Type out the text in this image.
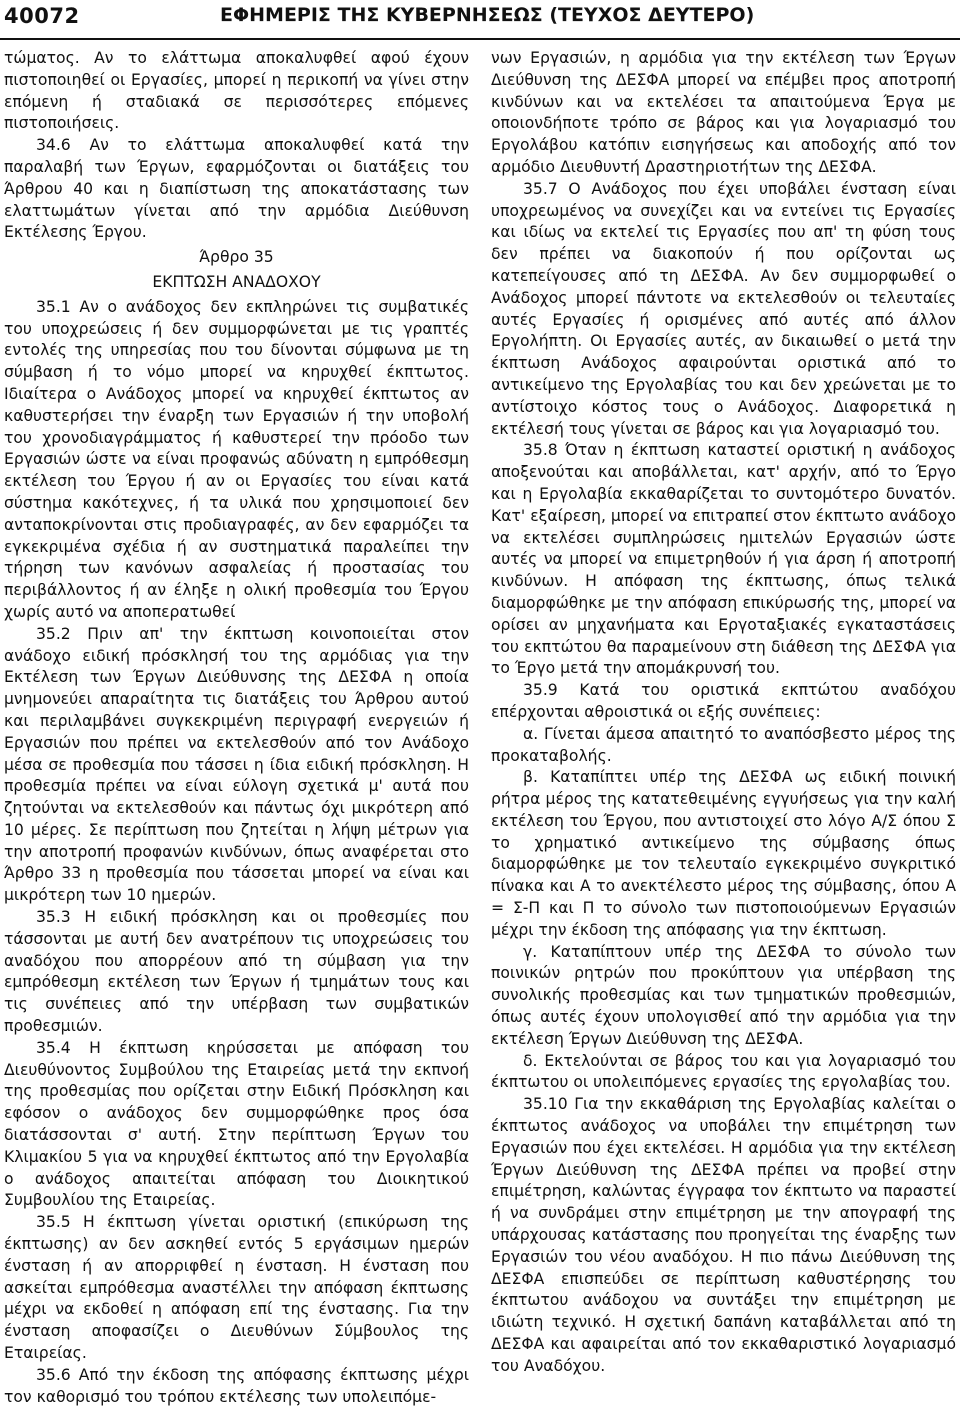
40072	ΕΦΗΜΕΡΙΣ ΤΗΣ ΚΥΒΕΡΝΗΣΕΩΣ (ΤΕΥΧΟΣ ΔΕΥΤΕΡΟ)

τώματος. Αν το ελάττωμα αποκαλυφθεί αφού έχουν πιστοποιηθεί οι Εργασίες, μπορεί η περικοπή να γίνει στην επόμενη ή σταδιακά σε περισσότερες επόμενες πιστοποιήσεις.

34.6 Αν το ελάττωμα αποκαλυφθεί κατά την παραλαβή των Έργων, εφαρμόζονται οι διατάξεις του Άρθρου 40 και η διαπίστωση της αποκατάστασης των ελαττωμάτων γίνεται από την αρμόδια Διεύθυνση Εκτέλεσης Έργου.

Άρθρο 35
ΕΚΠΤΩΣΗ ΑΝΑΔΟΧΟΥ

35.1 Αν ο ανάδοχος δεν εκπληρώνει τις συμβατικές του υποχρεώσεις ή δεν συμμορφώνεται με τις γραπτές εντολές της υπηρεσίας που του δίνονται σύμφωνα με τη σύμβαση ή το νόμο μπορεί να κηρυχθεί έκπτωτος. Ιδιαίτερα ο Ανάδοχος μπορεί να κηρυχθεί έκπτωτος αν καθυστερήσει την έναρξη των Εργασιών ή την υποβολή του χρονοδιαγράμματος ή καθυστερεί την πρόοδο των Εργασιών ώστε να είναι προφανώς αδύνατη η εμπρόθεσμη εκτέλεση του Έργου ή αν οι Εργασίες του είναι κατά σύστημα κακότεχνες, ή τα υλικά που χρησιμοποιεί δεν ανταποκρίνονται στις προδιαγραφές, αν δεν εφαρμόζει τα εγκεκριμένα σχέδια ή αν συστηματικά παραλείπει την τήρηση των κανόνων ασφαλείας ή προστασίας του περιβάλλοντος ή αν έληξε η ολική προθεσμία του Έργου χωρίς αυτό να αποπερατωθεί

35.2 Πριν απ' την έκπτωση κοινοποιείται στον ανάδοχο ειδική πρόσκλησή του της αρμόδιας για την Εκτέλεση των Έργων Διεύθυνσης της ΔΕΣΦΑ η οποία μνημονεύει απαραίτητα τις διατάξεις του Άρθρου αυτού και περιλαμβάνει συγκεκριμένη περιγραφή ενεργειών ή Εργασιών που πρέπει να εκτελεσθούν από τον Ανάδοχο μέσα σε προθεσμία που τάσσει η ίδια ειδική πρόσκληση. Η προθεσμία πρέπει να είναι εύλογη σχετικά μ' αυτά που ζητούνται να εκτελεσθούν και πάντως όχι μικρότερη από 10 μέρες. Σε περίπτωση που ζητείται η λήψη μέτρων για την αποτροπή προφανών κινδύνων, όπως αναφέρεται στο Άρθρο 33 η προθεσμία που τάσσεται μπορεί να είναι και μικρότερη των 10 ημερών.

35.3 Η ειδική πρόσκληση και οι προθεσμίες που τάσσονται με αυτή δεν ανατρέπουν τις υποχρεώσεις του αναδόχου που απορρέουν από τη σύμβαση για την εμπρόθεσμη εκτέλεση των Έργων ή τμημάτων τους και τις συνέπειες από την υπέρβαση των συμβατικών προθεσμιών.

35.4 Η έκπτωση κηρύσσεται με απόφαση του Διευθύνοντος Συμβούλου της Εταιρείας μετά την εκπνοή της προθεσμίας που ορίζεται στην Ειδική Πρόσκληση και εφόσον ο ανάδοχος δεν συμμορφώθηκε προς όσα διατάσσονται σ' αυτή. Στην περίπτωση Έργων του Κλιμακίου 5 για να κηρυχθεί έκπτωτος από την Εργολαβία ο ανάδοχος απαιτείται απόφαση του Διοικητικού Συμβουλίου της Εταιρείας.

35.5 Η έκπτωση γίνεται οριστική (επικύρωση της έκπτωσης) αν δεν ασκηθεί εντός 5 εργάσιμων ημερών ένσταση ή αν απορριφθεί η ένσταση. Η ένσταση που ασκείται εμπρόθεσμα αναστέλλει την απόφαση έκπτωσης μέχρι να εκδοθεί η απόφαση επί της ένστασης. Για την ένσταση αποφασίζει ο Διευθύνων Σύμβουλος της Εταιρείας.

35.6 Από την έκδοση της απόφασης έκπτωσης μέχρι τον καθορισμό του τρόπου εκτέλεσης των υπολειπόμε-

νων Εργασιών, η αρμόδια για την εκτέλεση των Έργων Διεύθυνση της ΔΕΣΦΑ μπορεί να επέμβει προς αποτροπή κινδύνων και να εκτελέσει τα απαιτούμενα Έργα με οποιονδήποτε τρόπο σε βάρος και για λογαριασμό του Εργολάβου κατόπιν εισηγήσεως και αποδοχής από τον αρμόδιο Διευθυντή Δραστηριοτήτων της ΔΕΣΦΑ.

35.7 Ο Ανάδοχος που έχει υποβάλει ένσταση είναι υποχρεωμένος να συνεχίζει και να εντείνει τις Εργασίες και ιδίως να εκτελεί τις Εργασίες που απ' τη φύση τους δεν πρέπει να διακοπούν ή που ορίζονται ως κατεπείγουσες από τη ΔΕΣΦΑ. Αν δεν συμμορφωθεί ο Ανάδοχος μπορεί πάντοτε να εκτελεσθούν οι τελευταίες αυτές Εργασίες ή ορισμένες από αυτές από άλλον Εργολήπτη. Οι Εργασίες αυτές, αν δικαιωθεί ο μετά την έκπτωση Ανάδοχος αφαιρούνται οριστικά από το αντικείμενο της Εργολαβίας του και δεν χρεώνεται με το αντίστοιχο κόστος τους ο Ανάδοχος. Διαφορετικά η εκτέλεσή τους γίνεται σε βάρος και για λογαριασμό του.

35.8 Όταν η έκπτωση καταστεί οριστική η ανάδοχος αποξενούται και αποβάλλεται, κατ' αρχήν, από το Έργο και η Εργολαβία εκκαθαρίζεται το συντομότερο δυνατόν. Κατ' εξαίρεση, μπορεί να επιτραπεί στον έκπτωτο ανάδοχο να εκτελέσει συμπληρώσεις ημιτελών Εργασιών ώστε αυτές να μπορεί να επιμετρηθούν ή για άρση ή αποτροπή κινδύνων. Η απόφαση της έκπτωσης, όπως τελικά διαμορφώθηκε με την απόφαση επικύρωσής της, μπορεί να ορίσει αν μηχανήματα και Εργοταξιακές εγκαταστάσεις του εκπτώτου θα παραμείνουν στη διάθεση της ΔΕΣΦΑ για το Έργο μετά την απομάκρυνσή του.

35.9 Κατά του οριστικά εκπτώτου αναδόχου επέρχονται αθροιστικά οι εξής συνέπειες:

α. Γίνεται άμεσα απαιτητό το αναπόσβεστο μέρος της προκαταβολής.

β. Καταπίπτει υπέρ της ΔΕΣΦΑ ως ειδική ποινική ρήτρα μέρος της κατατεθειμένης εγγυήσεως για την καλή εκτέλεση του Έργου, που αντιστοιχεί στο λόγο Α/Σ όπου Σ το χρηματικό αντικείμενο της σύμβασης όπως διαμορφώθηκε με τον τελευταίο εγκεκριμένο συγκριτικό πίνακα και Α το ανεκτέλεστο μέρος της σύμβασης, όπου Α = Σ-Π και Π το σύνολο των πιστοποιούμενων Εργασιών μέχρι την έκδοση της απόφασης για την έκπτωση.

γ. Καταπίπτουν υπέρ της ΔΕΣΦΑ το σύνολο των ποινικών ρητρών που προκύπτουν για υπέρβαση της συνολικής προθεσμίας και των τμηματικών προθεσμιών, όπως αυτές έχουν υπολογισθεί από την αρμόδια για την εκτέλεση Έργων Διεύθυνση της ΔΕΣΦΑ.

δ. Εκτελούνται σε βάρος του και για λογαριασμό του έκπτωτου οι υπολειπόμενες εργασίες της εργολαβίας του.

35.10 Για την εκκαθάριση της Εργολαβίας καλείται ο έκπτωτος ανάδοχος να υποβάλει την επιμέτρηση των Εργασιών που έχει εκτελέσει. Η αρμόδια για την εκτέλεση Έργων Διεύθυνση της ΔΕΣΦΑ πρέπει να προβεί στην επιμέτρηση, καλώντας έγγραφα τον έκπτωτο να παραστεί ή να συνδράμει στην επιμέτρηση με την απογραφή της υπάρχουσας κατάστασης που προηγείται της έναρξης των Εργασιών του νέου αναδόχου. Η πιο πάνω Διεύθυνση της ΔΕΣΦΑ επισπεύδει σε περίπτωση καθυστέρησης του έκπτωτου ανάδοχου να συντάξει την επιμέτρηση με ιδιώτη τεχνικό. Η σχετική δαπάνη καταβάλλεται από τη ΔΕΣΦΑ και αφαιρείται από τον εκκαθαριστικό λογαριασμό του Αναδόχου.
